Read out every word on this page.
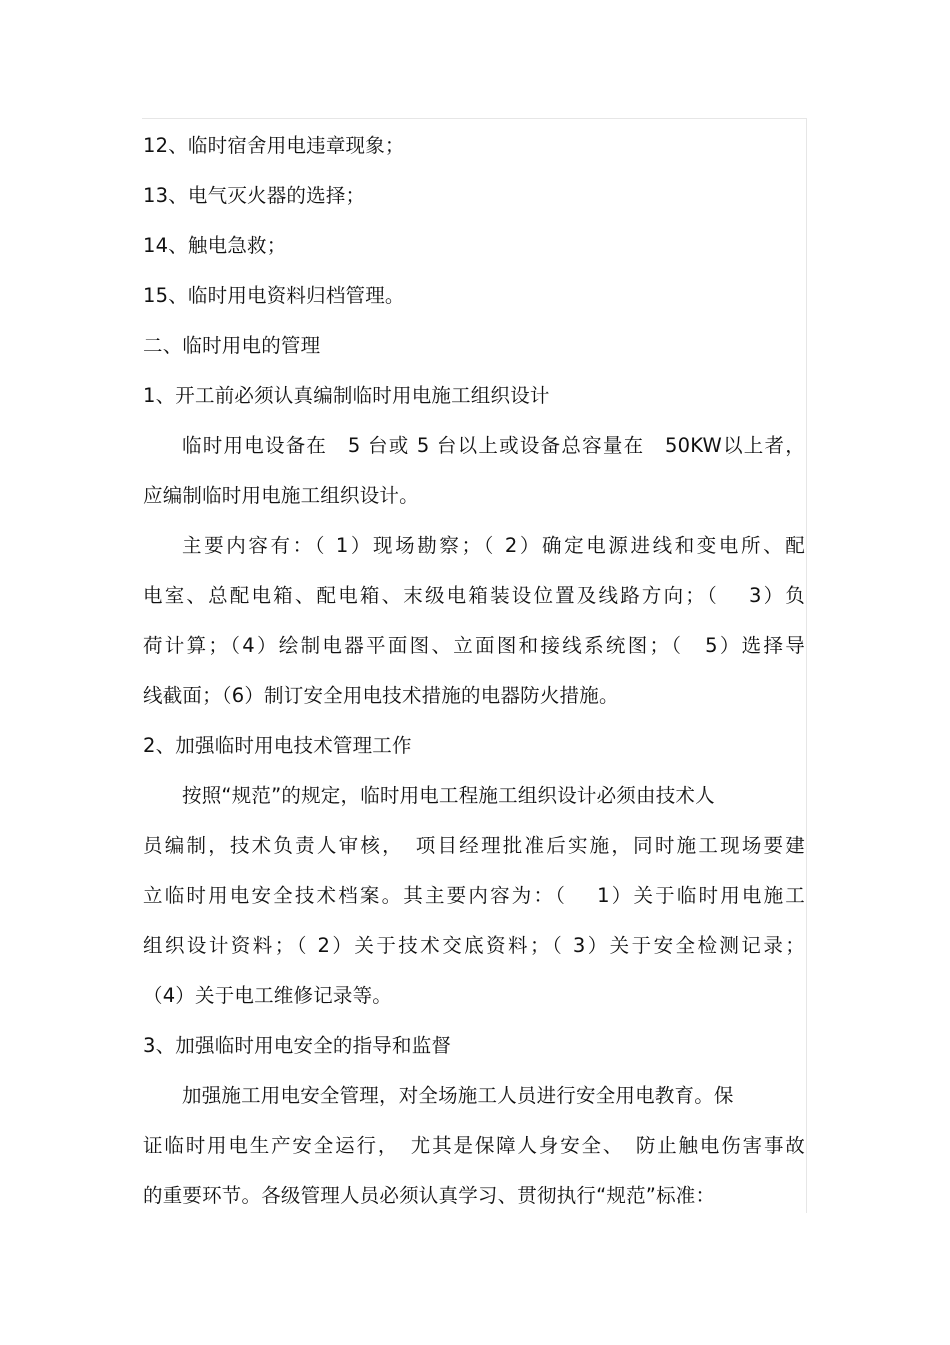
12、临时宿舍用电违章现象；
13、电气灭火器的选择；
14、触电急救；
15、临时用电资料归档管理。
二、临时用电的管理
1、开工前必须认真编制临时用电施工组织设计
临时用电设备在　5 台或 5 台以上或设备总容量在　50KW以上者，
应编制临时用电施工组织设计。
主要内容有：（ 1）现场勘察；（ 2）确定电源进线和变电所、配
电室、总配电箱、配电箱、末级电箱装设位置及线路方向；（　 3）负
荷计算；（4）绘制电器平面图、立面图和接线系统图；（　5）选择导
线截面；（6）制订安全用电技术措施的电器防火措施。
2、加强临时用电技术管理工作
按照“规范”的规定，临时用电工程施工组织设计必须由技术人
员编制，技术负责人审核，　项目经理批准后实施，同时施工现场要建
立临时用电安全技术档案。其主要内容为：（　 1）关于临时用电施工
组织设计资料；（ 2）关于技术交底资料；（ 3）关于安全检测记录；
（4）关于电工维修记录等。
3、加强临时用电安全的指导和监督
加强施工用电安全管理，对全场施工人员进行安全用电教育。保
证临时用电生产安全运行，　尤其是保障人身安全、　防止触电伤害事故
的重要环节。各级管理人员必须认真学习、贯彻执行“规范”标准：
